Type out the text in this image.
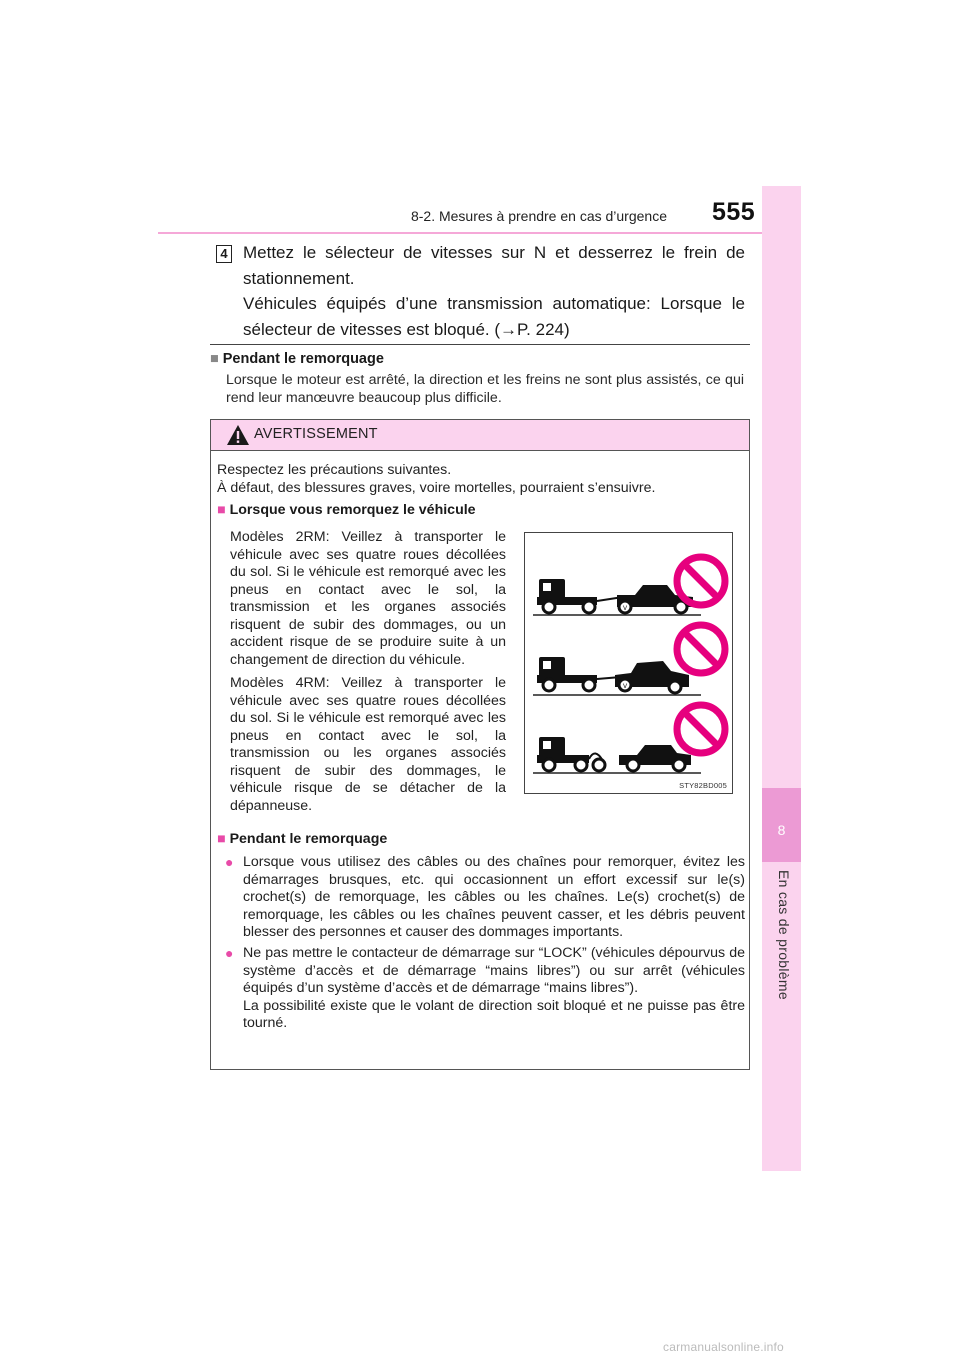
8-2. Mesures à prendre en cas d’urgence 555
8
En cas de problème
4 Mettez le sélecteur de vitesses sur N et desserrez le frein de stationnement.

Véhicules équipés d’une transmission automatique: Lorsque le sélecteur de vitesses est bloqué. (→P. 224)

■ Pendant le remorquage
Lorsque le moteur est arrêté, la direction et les freins ne sont plus assistés, ce qui rend leur manœuvre beaucoup plus difficile.
AVERTISSEMENT
Respectez les précautions suivantes.
À défaut, des blessures graves, voire mortelles, pourraient s’ensuivre.
■ Lorsque vous remorquez le véhicule
Modèles 2RM: Veillez à transporter le véhicule avec ses quatre roues décollées du sol. Si le véhicule est remorqué avec les pneus en contact avec le sol, la transmission et les organes associés risquent de subir des dommages, ou un accident risque de se produire suite à un changement de direction du véhicule.
Modèles 4RM: Veillez à transporter le véhicule avec ses quatre roues décollées du sol. Si le véhicule est remorqué avec les pneus en contact avec le sol, la transmission ou les organes associés risquent de subir des dommages, le véhicule risque de se détacher de la dépanneuse.
V
V
STY82BD005
■ Pendant le remorquage
● Lorsque vous utilisez des câbles ou des chaînes pour remorquer, évitez les démarrages brusques, etc. qui occasionnent un effort excessif sur le(s) crochet(s) de remorquage, les câbles ou les chaînes. Le(s) crochet(s) de remorquage, les câbles ou les chaînes peuvent casser, et les débris peuvent blesser des personnes et causer des dommages importants.
● Ne pas mettre le contacteur de démarrage sur “LOCK” (véhicules dépourvus de système d’accès et de démarrage “mains libres”) ou sur arrêt (véhicules équipés d’un système d’accès et de démarrage “mains libres”).
La possibilité existe que le volant de direction soit bloqué et ne puisse pas être tourné.
carmanualsonline.info
